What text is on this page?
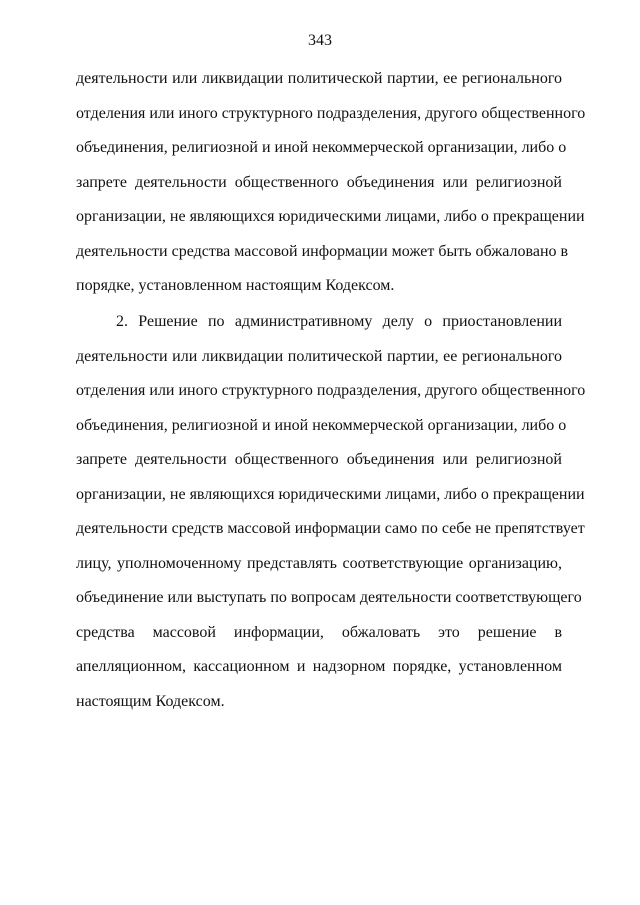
343
деятельности или ликвидации политической партии, ее регионального
отделения или иного структурного подразделения, другого общественного
объединения, религиозной и иной некоммерческой организации, либо о
запрете деятельности общественного объединения или религиозной
организации, не являющихся юридическими лицами, либо о прекращении
деятельности средства массовой информации может быть обжаловано в
порядке, установленном настоящим Кодексом.
2. Решение по административному делу о приостановлении
деятельности или ликвидации политической партии, ее регионального
отделения или иного структурного подразделения, другого общественного
объединения, религиозной и иной некоммерческой организации, либо о
запрете деятельности общественного объединения или религиозной
организации, не являющихся юридическими лицами, либо о прекращении
деятельности средств массовой информации само по себе не препятствует
лицу, уполномоченному представлять соответствующие организацию,
объединение или выступать по вопросам деятельности соответствующего
средства массовой информации, обжаловать это решение в
апелляционном, кассационном и надзорном порядке, установленном
настоящим Кодексом.
